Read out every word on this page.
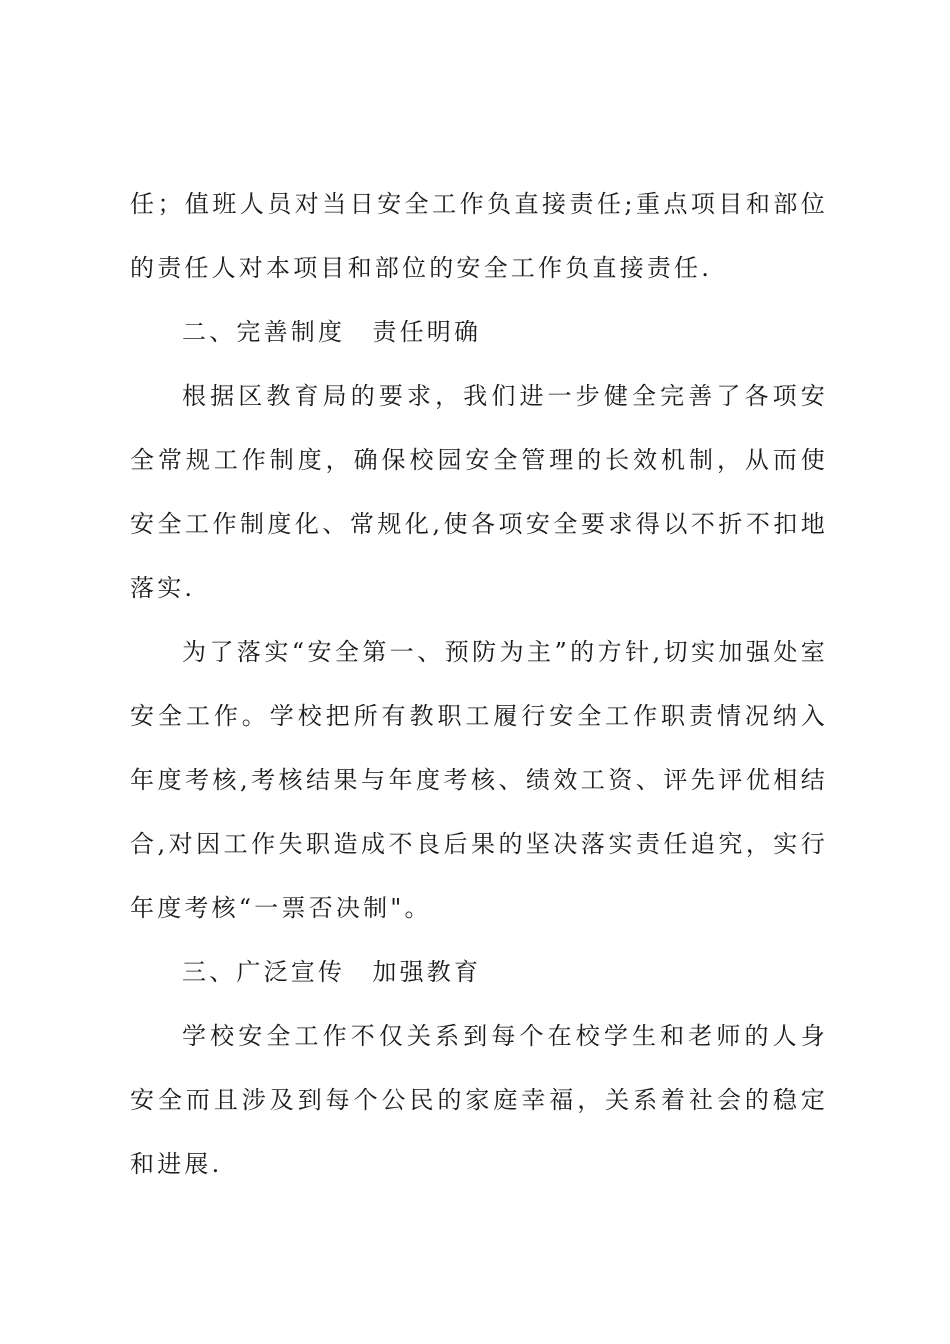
任；值班人员对当日安全工作负直接责任;重点项目和部位的责任人对本项目和部位的安全工作负直接责任.

二、完善制度　责任明确

根据区教育局的要求，我们进一步健全完善了各项安全常规工作制度，确保校园安全管理的长效机制，从而使安全工作制度化、常规化,使各项安全要求得以不折不扣地落实.

为了落实“安全第一、预防为主”的方针,切实加强处室安全工作。学校把所有教职工履行安全工作职责情况纳入年度考核,考核结果与年度考核、绩效工资、评先评优相结合,对因工作失职造成不良后果的坚决落实责任追究，实行年度考核“一票否决制"。

三、广泛宣传　加强教育

学校安全工作不仅关系到每个在校学生和老师的人身安全而且涉及到每个公民的家庭幸福，关系着社会的稳定和进展.
